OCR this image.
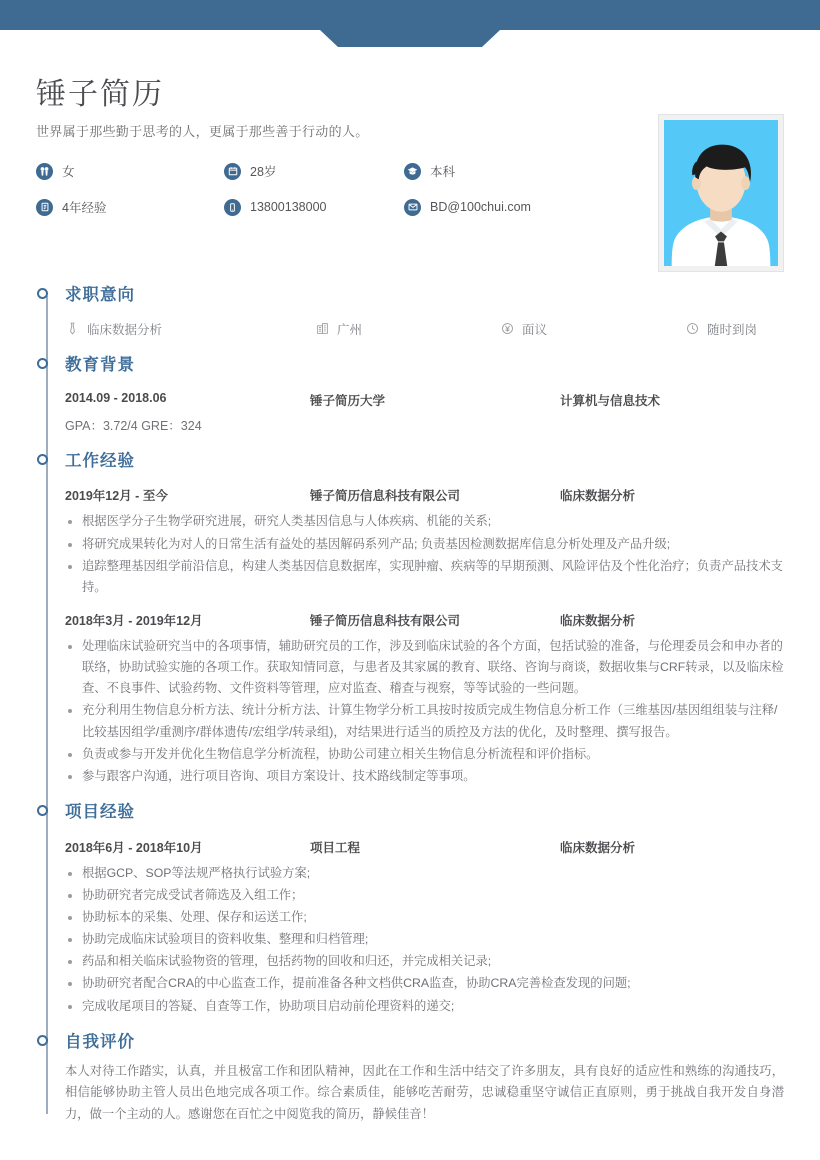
锤子简历
世界属于那些勤于思考的人，更属于那些善于行动的人。
女	28岁	本科
4年经验	13800138000	BD@100chui.com
求职意向
临床数据分析	广州	面议	随时到岗
教育背景
2014.09 - 2018.06	锤子简历大学	计算机与信息技术
GPA：3.72/4 GRE：324
工作经验
2019年12月 - 至今	锤子简历信息科技有限公司	临床数据分析
根据医学分子生物学研究进展，研究人类基因信息与人体疾病、机能的关系;
将研究成果转化为对人的日常生活有益处的基因解码系列产品; 负责基因检测数据库信息分析处理及产品升级;
追踪整理基因组学前沿信息，构建人类基因信息数据库，实现肿瘤、疾病等的早期预测、风险评估及个性化治疗；负责产品技术支持。
2018年3月 - 2019年12月	锤子简历信息科技有限公司	临床数据分析
处理临床试验研究当中的各项事情，辅助研究员的工作，涉及到临床试验的各个方面，包括试验的准备，与伦理委员会和申办者的联络，协助试验实施的各项工作。获取知情同意，与患者及其家属的教育、联络、咨询与商谈，数据收集与CRF转录，以及临床检查、不良事件、试验药物、文件资料等管理，应对监查、稽查与视察，等等试验的一些问题。
充分利用生物信息分析方法、统计分析方法、计算生物学分析工具按时按质完成生物信息分析工作（三维基因/基因组组装与注释/比较基因组学/重测序/群体遗传/宏组学/转录组)，对结果进行适当的质控及方法的优化，及时整理、撰写报告。
负责或参与开发并优化生物信息学分析流程，协助公司建立相关生物信息分析流程和评价指标。
参与跟客户沟通，进行项目咨询、项目方案设计、技术路线制定等事项。
项目经验
2018年6月 - 2018年10月	项目工程	临床数据分析
根据GCP、SOP等法规严格执行试验方案;
协助研究者完成受试者筛选及入组工作；
协助标本的采集、处理、保存和运送工作;
协助完成临床试验项目的资料收集、整理和归档管理;
药品和相关临床试验物资的管理，包括药物的回收和归还，并完成相关记录;
协助研究者配合CRA的中心监查工作，提前准备各种文档供CRA监查，协助CRA完善检查发现的问题;
完成收尾项目的答疑、自查等工作，协助项目启动前伦理资料的递交;
自我评价

本人对待工作踏实，认真，并且极富工作和团队精神，因此在工作和生活中结交了许多朋友，具有良好的适应性和熟练的沟通技巧，相信能够协助主管人员出色地完成各项工作。综合素质佳，能够吃苦耐劳，忠诚稳重坚守诚信正直原则，勇于挑战自我开发自身潜力，做一个主动的人。感谢您在百忙之中阅览我的简历，静候佳音！
